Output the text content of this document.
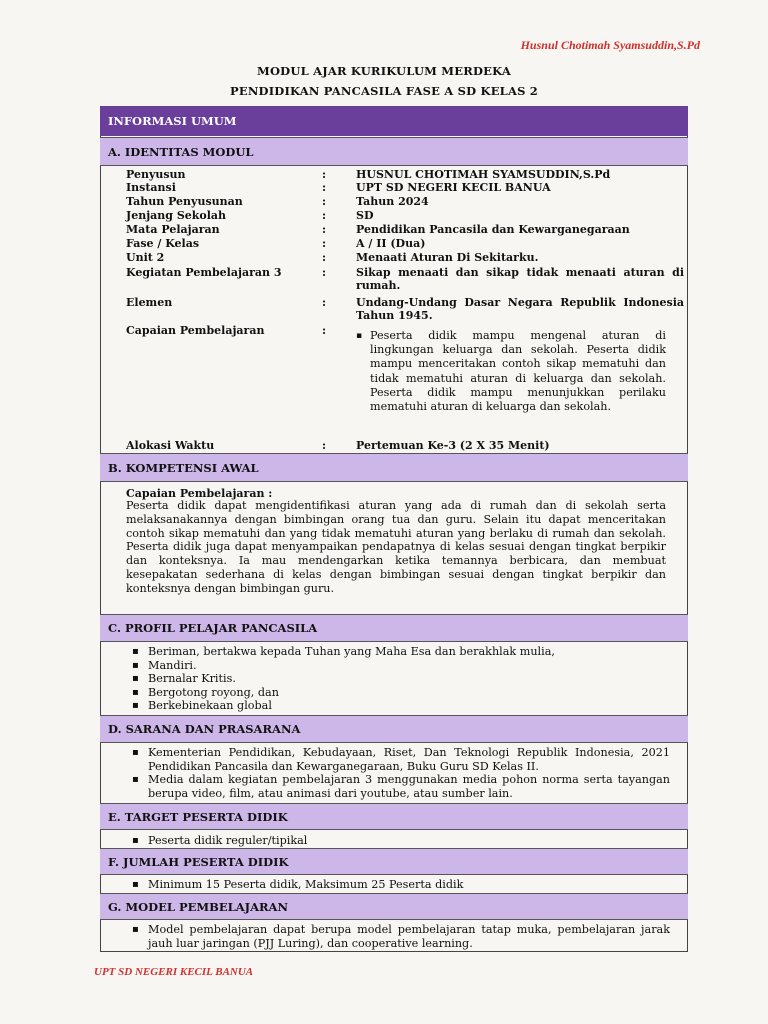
Husnul Chotimah Syamsuddin,S.Pd
MODUL AJAR KURIKULUM MERDEKA
PENDIDIKAN PANCASILA FASE A SD KELAS 2
INFORMASI UMUM
A. IDENTITAS MODUL
Penyusun	:	HUSNUL CHOTIMAH SYAMSUDDIN,S.Pd
Instansi	:	UPT SD NEGERI KECIL BANUA
Tahun Penyusunan	:	Tahun 2024
Jenjang Sekolah	:	SD
Mata Pelajaran	:	Pendidikan Pancasila dan Kewarganegaraan
Fase / Kelas	:	A / II (Dua)
Unit 2	:	Menaati Aturan Di Sekitarku.
Kegiatan Pembelajaran 3	:	Sikap menaati dan sikap tidak menaati aturan di rumah.
Elemen	:	Undang-Undang Dasar Negara Republik Indonesia Tahun 1945.
Capaian Pembelajaran	:	▪ Peserta didik mampu mengenal aturan di lingkungan keluarga dan sekolah. Peserta didik mampu menceritakan contoh sikap mematuhi dan tidak mematuhi aturan di keluarga dan sekolah. Peserta didik mampu menunjukkan perilaku mematuhi aturan di keluarga dan sekolah.
Alokasi Waktu	:	Pertemuan Ke-3 (2 X 35 Menit)
B. KOMPETENSI AWAL
Capaian Pembelajaran :
Peserta didik dapat mengidentifikasi aturan yang ada di rumah dan di sekolah serta melaksanakannya dengan bimbingan orang tua dan guru. Selain itu dapat menceritakan contoh sikap mematuhi dan yang tidak mematuhi aturan yang berlaku di rumah dan sekolah. Peserta didik juga dapat menyampaikan pendapatnya di kelas sesuai dengan tingkat berpikir dan konteksnya. Ia mau mendengarkan ketika temannya berbicara, dan membuat kesepakatan sederhana di kelas dengan bimbingan sesuai dengan tingkat berpikir dan konteksnya dengan bimbingan guru.
C. PROFIL PELAJAR PANCASILA
▪ Beriman, bertakwa kepada Tuhan yang Maha Esa dan berakhlak mulia,
▪ Mandiri.
▪ Bernalar Kritis.
▪ Bergotong royong, dan
▪ Berkebinekaan global
D. SARANA DAN PRASARANA
▪ Kementerian Pendidikan, Kebudayaan, Riset, Dan Teknologi Republik Indonesia, 2021 Pendidikan Pancasila dan Kewarganegaraan, Buku Guru SD Kelas II.
▪ Media dalam kegiatan pembelajaran 3 menggunakan media pohon norma serta tayangan berupa video, film, atau animasi dari youtube, atau sumber lain.
E. TARGET PESERTA DIDIK
▪ Peserta didik reguler/tipikal
F. JUMLAH PESERTA DIDIK
▪ Minimum 15 Peserta didik, Maksimum 25 Peserta didik
G. MODEL PEMBELAJARAN
▪ Model pembelajaran dapat berupa model pembelajaran tatap muka, pembelajaran jarak jauh luar jaringan (PJJ Luring), dan cooperative learning.
UPT SD NEGERI KECIL BANUA
